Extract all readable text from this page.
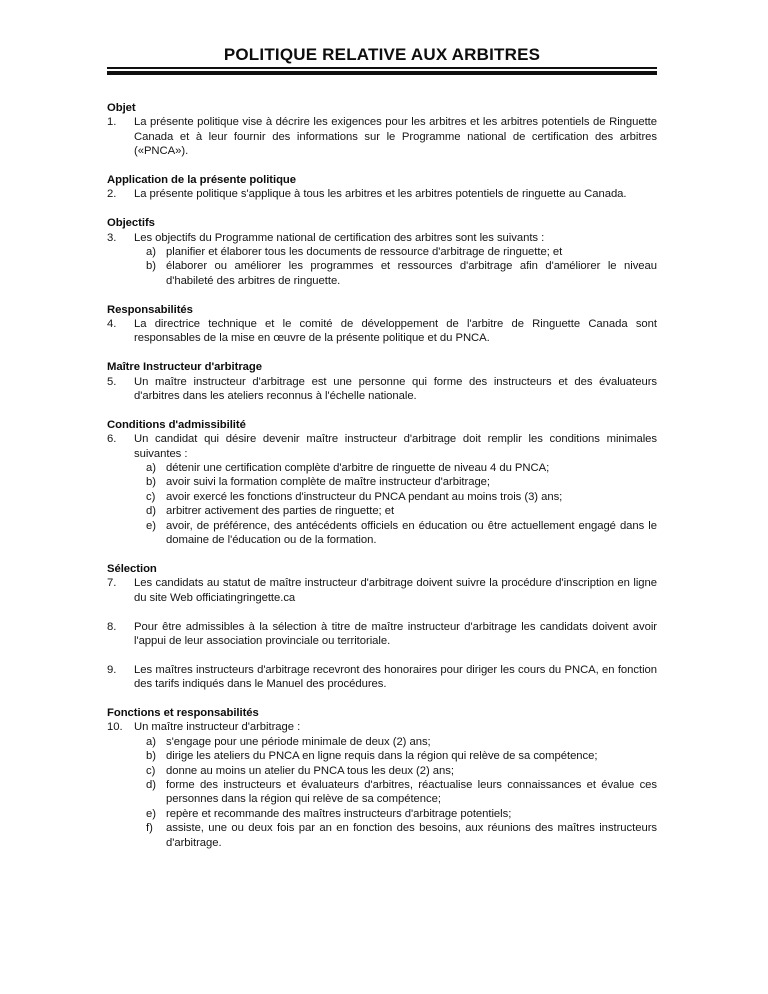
POLITIQUE RELATIVE AUX ARBITRES
Objet
1.	La présente politique vise à décrire les exigences pour les arbitres et les arbitres potentiels de Ringuette Canada et à leur fournir des informations sur le Programme national de certification des arbitres («PNCA»).

Application de la présente politique
2.	La présente politique s'applique à tous les arbitres et les arbitres potentiels de ringuette au Canada.

Objectifs
3.	Les objectifs du Programme national de certification des arbitres sont les suivants :

a) planifier et élaborer tous les documents de ressource d'arbitrage de ringuette; et

b) élaborer ou améliorer les programmes et ressources d'arbitrage afin d'améliorer le niveau d'habileté des arbitres de ringuette.

Responsabilités
4.	La directrice technique et le comité de développement de l'arbitre de Ringuette Canada sont responsables de la mise en œuvre de la présente politique et du PNCA.

Maître Instructeur d'arbitrage
5.	Un maître instructeur d'arbitrage est une personne qui forme des instructeurs et des évaluateurs d'arbitres dans les ateliers reconnus à l'échelle nationale.

Conditions d'admissibilité
6.	Un candidat qui désire devenir maître instructeur d'arbitrage doit remplir les conditions minimales suivantes :

a) détenir une certification complète d'arbitre de ringuette de niveau 4 du PNCA;

b) avoir suivi la formation complète de maître instructeur d'arbitrage;

c) avoir exercé les fonctions d'instructeur du PNCA pendant au moins trois (3) ans;

d) arbitrer activement des parties de ringuette; et

e) avoir, de préférence, des antécédents officiels en éducation ou être actuellement engagé dans le domaine de l'éducation ou de la formation.

Sélection
7.	Les candidats au statut de maître instructeur d'arbitrage doivent suivre la procédure d'inscription en ligne du site Web officiatingringette.ca

8.	Pour être admissibles à la sélection à titre de maître instructeur d'arbitrage les candidats doivent avoir l'appui de leur association provinciale ou territoriale.

9.	Les maîtres instructeurs d'arbitrage recevront des honoraires pour diriger les cours du PNCA, en fonction des tarifs indiqués dans le Manuel des procédures.

Fonctions et responsabilités
10.	Un maître instructeur d'arbitrage :

a) s'engage pour une période minimale de deux (2) ans;

b) dirige les ateliers du PNCA en ligne requis dans la région qui relève de sa compétence;

c) donne au moins un atelier du PNCA tous les deux (2) ans;

d) forme des instructeurs et évaluateurs d'arbitres, réactualise leurs connaissances et évalue ces personnes dans la région qui relève de sa compétence;

e) repère et recommande des maîtres instructeurs d'arbitrage potentiels;

f)	assiste, une ou deux fois par an en fonction des besoins, aux réunions des maîtres instructeurs d'arbitrage.
